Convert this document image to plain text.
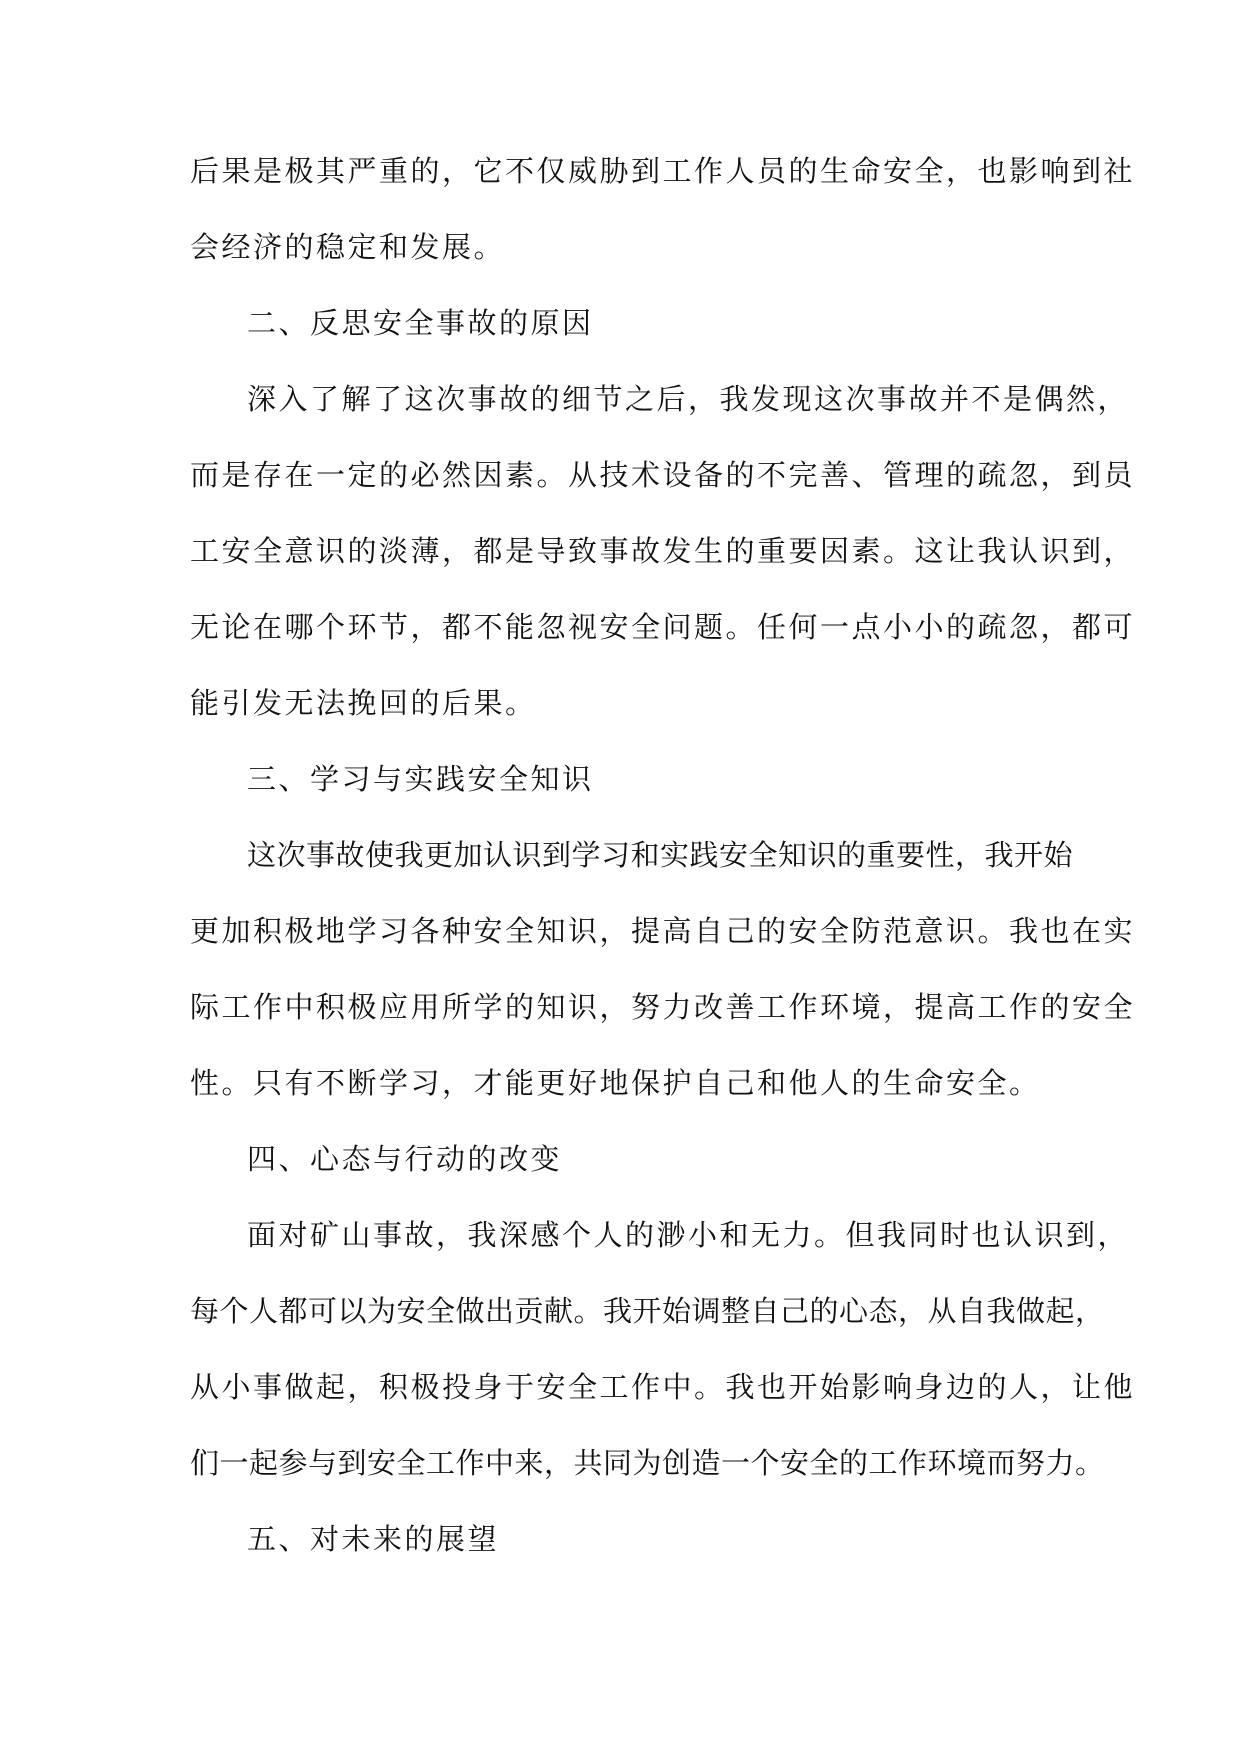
后果是极其严重的，它不仅威胁到工作人员的生命安全，也影响到社
会经济的稳定和发展。
二、反思安全事故的原因
深入了解了这次事故的细节之后，我发现这次事故并不是偶然，
而是存在一定的必然因素。从技术设备的不完善、管理的疏忽，到员
工安全意识的淡薄，都是导致事故发生的重要因素。这让我认识到，
无论在哪个环节，都不能忽视安全问题。任何一点小小的疏忽，都可
能引发无法挽回的后果。
三、学习与实践安全知识
这次事故使我更加认识到学习和实践安全知识的重要性，我开始
更加积极地学习各种安全知识，提高自己的安全防范意识。我也在实
际工作中积极应用所学的知识，努力改善工作环境，提高工作的安全
性。只有不断学习，才能更好地保护自己和他人的生命安全。
四、心态与行动的改变
面对矿山事故，我深感个人的渺小和无力。但我同时也认识到，
每个人都可以为安全做出贡献。我开始调整自己的心态，从自我做起，
从小事做起，积极投身于安全工作中。我也开始影响身边的人，让他
们一起参与到安全工作中来，共同为创造一个安全的工作环境而努力。
五、对未来的展望
